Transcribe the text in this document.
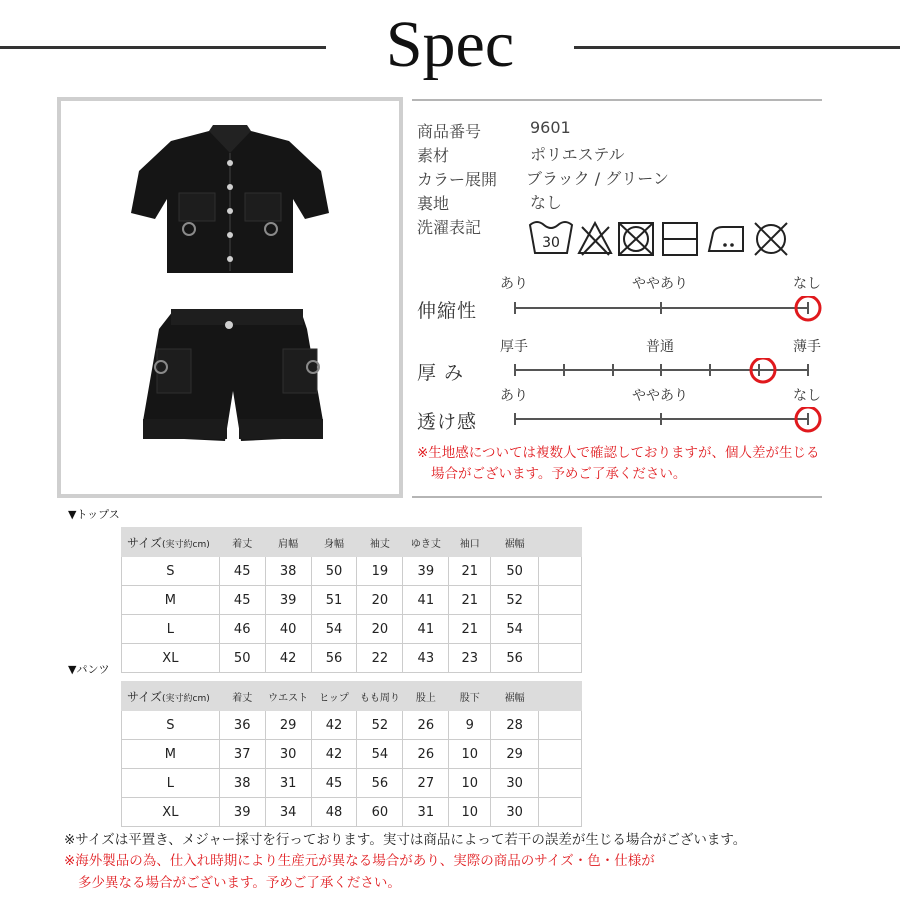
Spec
商品番号	9601
素材	ポリエステル
カラー展開 ブラック / グリーン
裏地	なし
洗濯表記
30
あり	ややあり	なし
伸縮性
厚手	普通	薄手
厚 み
あり	ややあり	なし
透け感
※生地感については複数人で確認しておりますが、個人差が生じる
場合がございます。予めご了承ください。
▼トップス
サイズ(実寸約cm)	着丈	肩幅	身幅	袖丈	ゆき丈	袖口	裾幅	
S	45	38	50	19	39	21	50	
M	45	39	51	20	41	21	52	
L	46	40	54	20	41	21	54	
XL	50	42	56	22	43	23	56	
▼パンツ
サイズ(実寸約cm)	着丈	ウエスト	ヒップ	もも周り	股上	股下	裾幅	
S	36	29	42	52	26	9	28	
M	37	30	42	54	26	10	29	
L	38	31	45	56	27	10	30	
XL	39	34	48	60	31	10	30	
※サイズは平置き、メジャー採寸を行っております。実寸は商品によって若干の誤差が生じる場合がございます。
※海外製品の為、仕入れ時期により生産元が異なる場合があり、実際の商品のサイズ・色・仕様が
多少異なる場合がございます。予めご了承ください。
